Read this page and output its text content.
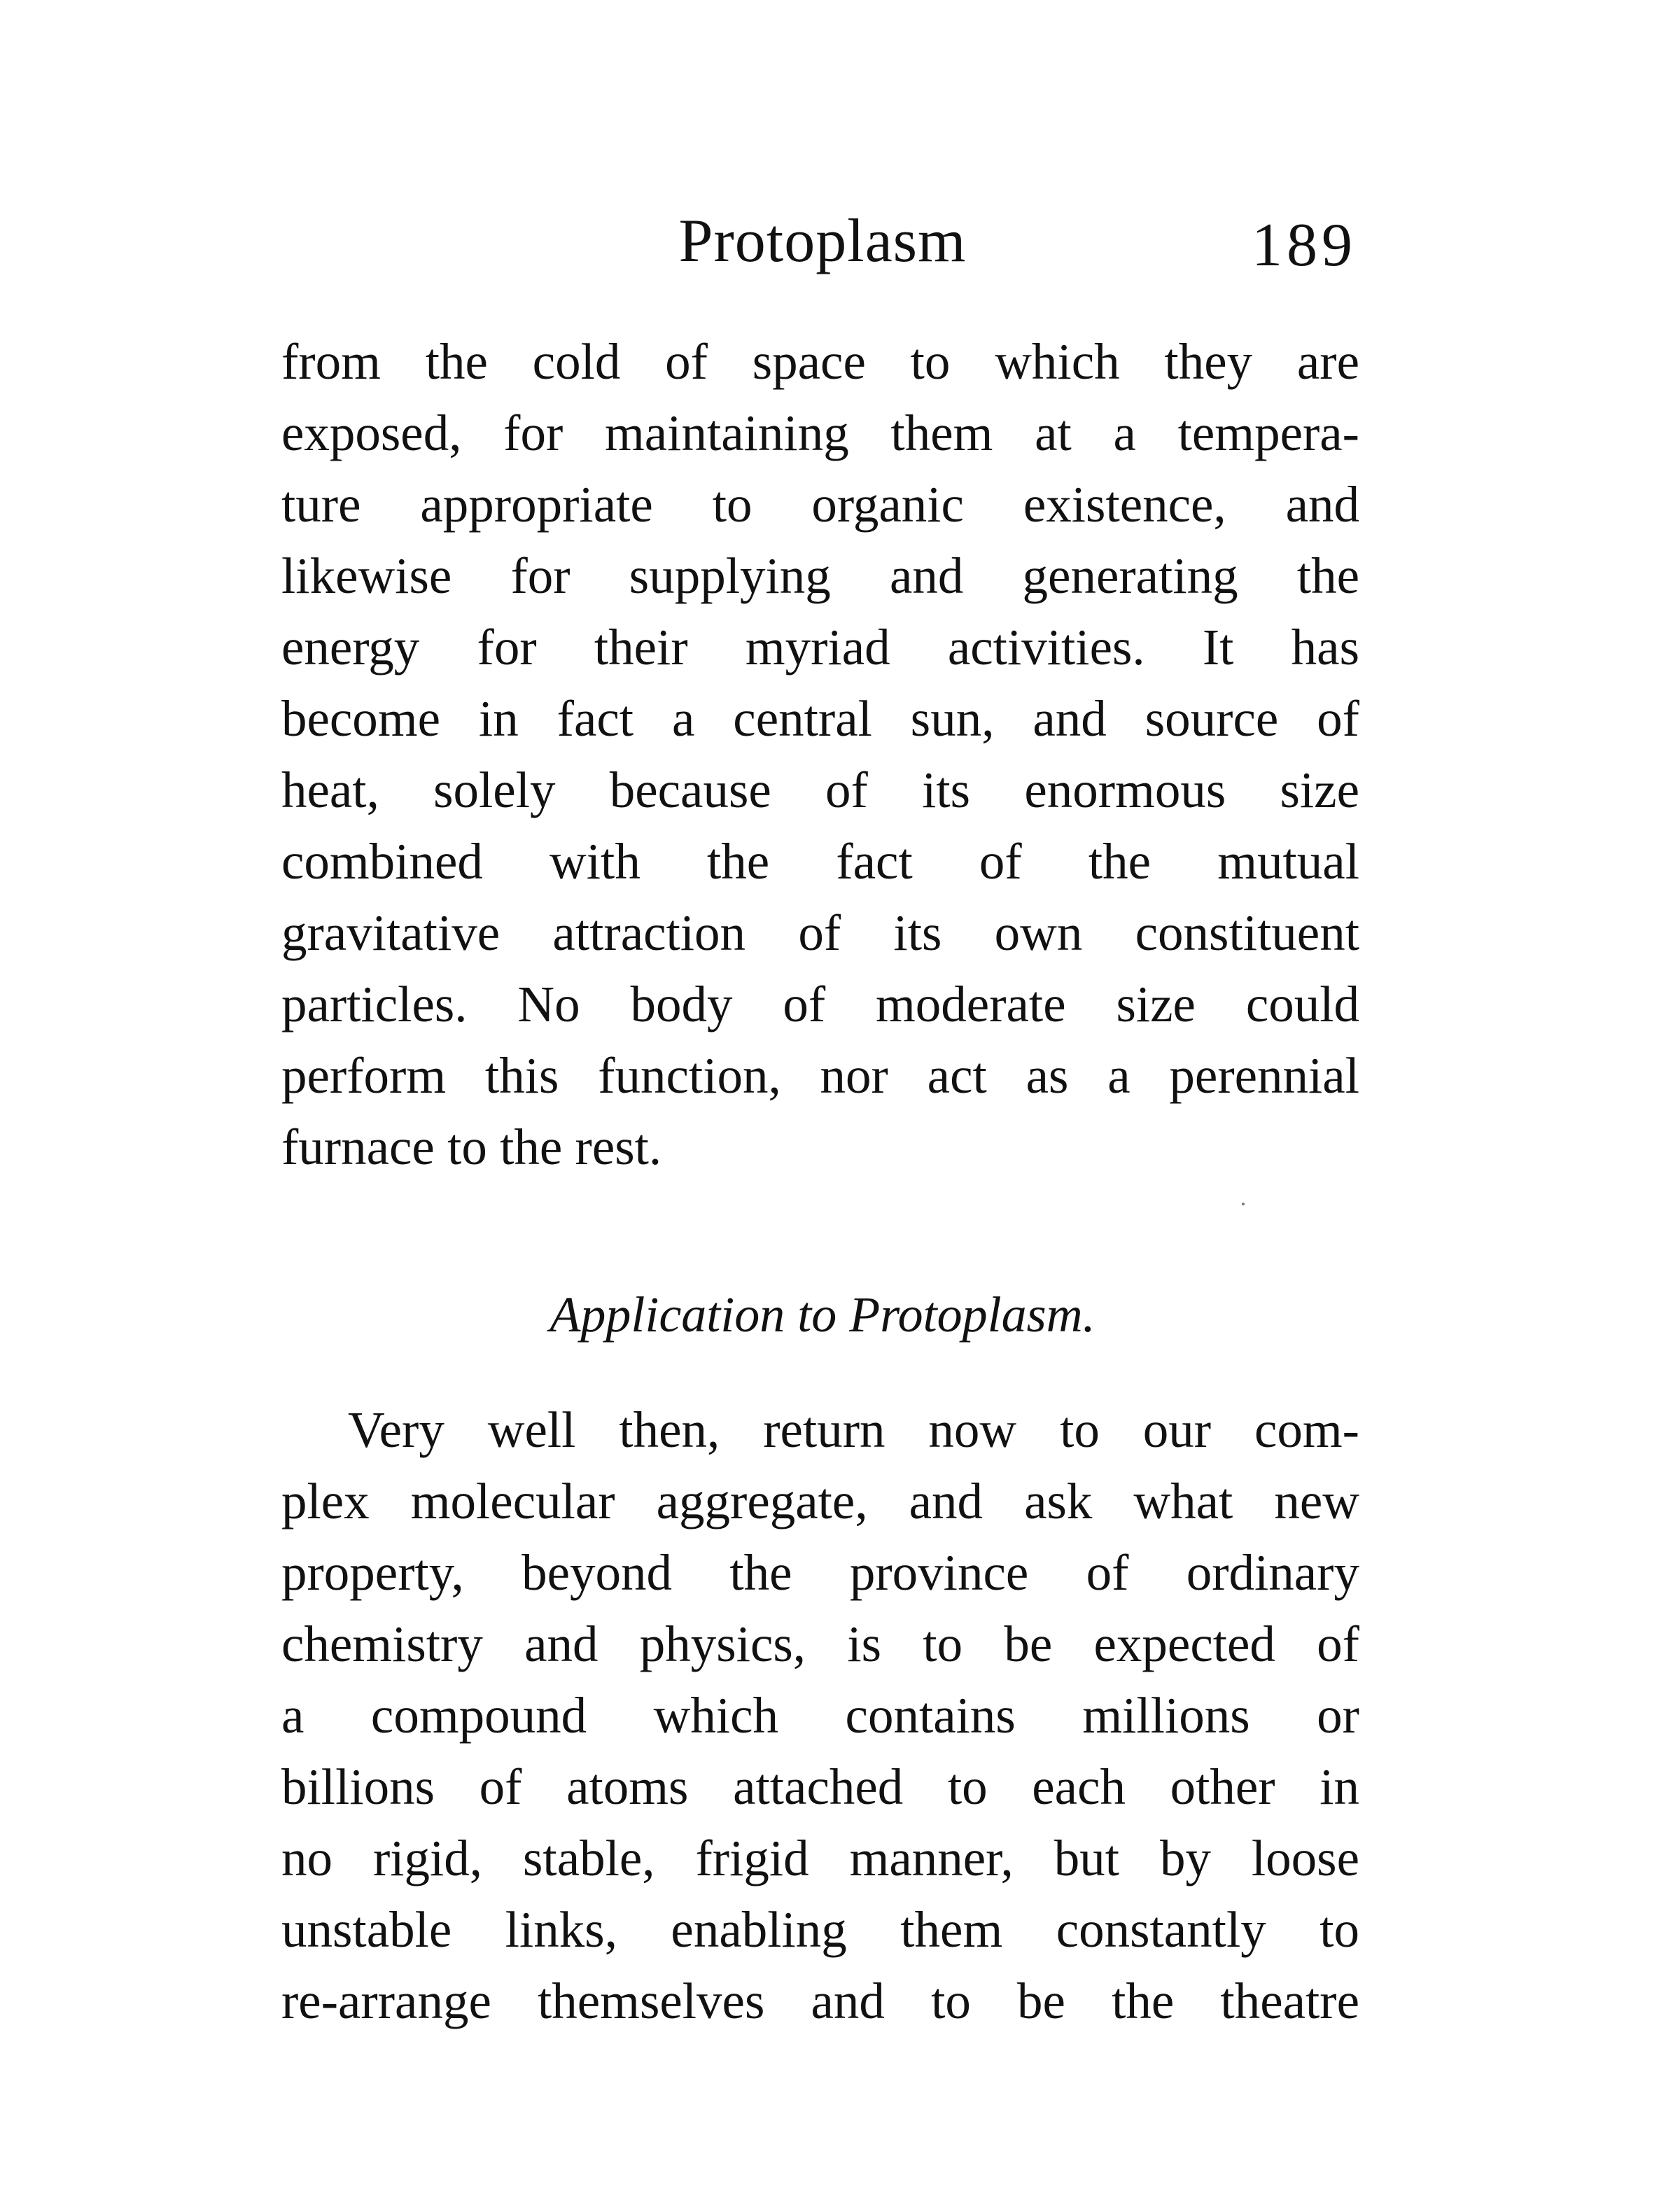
Protoplasm	189
from the cold of space to which they are
exposed, for maintaining them at a tempera-
ture appropriate to organic existence, and
likewise for supplying and generating the
energy for their myriad activities. It has
become in fact a central sun, and source of
heat, solely because of its enormous size
combined with the fact of the mutual
gravitative attraction of its own constituent
particles. No body of moderate size could
perform this function, nor act as a perennial
furnace to the rest.
Application to Protoplasm.
Very well then, return now to our com-
plex molecular aggregate, and ask what new
property, beyond the province of ordinary
chemistry and physics, is to be expected of
a compound which contains millions or
billions of atoms attached to each other in
no rigid, stable, frigid manner, but by loose
unstable links, enabling them constantly to
re-arrange themselves and to be the theatre
